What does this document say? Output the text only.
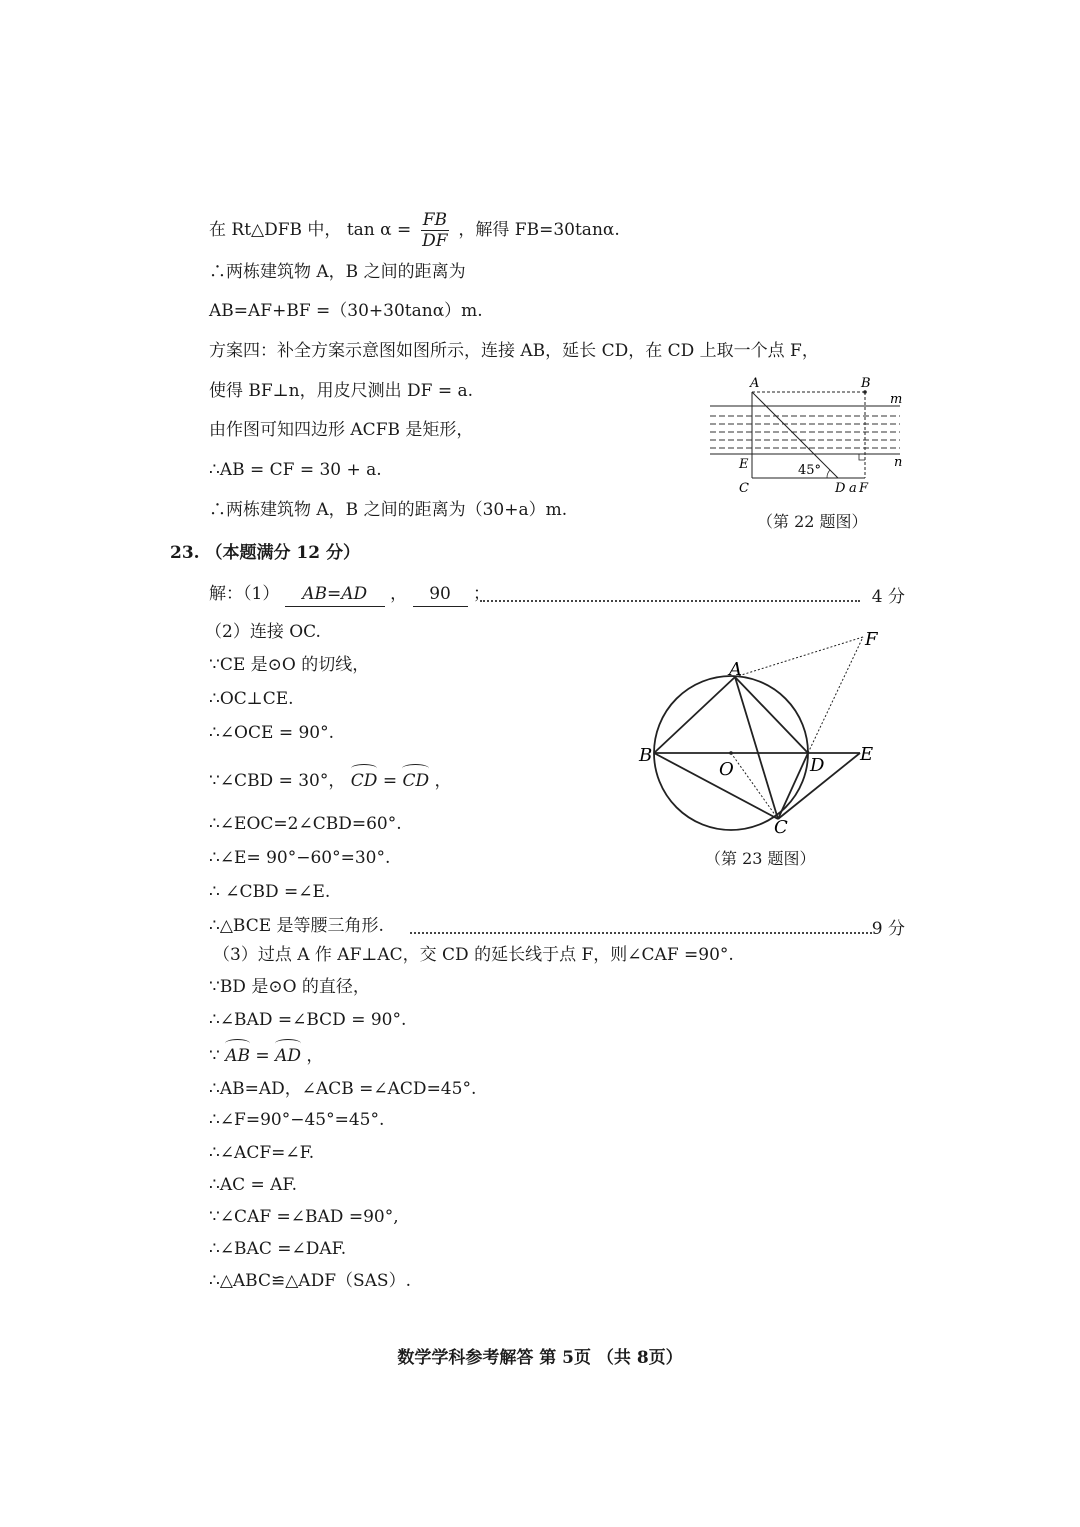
在 Rt△DFB 中， $\tan \alpha = \frac{FB}{DF}$ ，解得 FB=30tanα.
∴两栋建筑物 A，B 之间的距离为
AB=AF+BF =（30+30tanα）m.
方案四：补全方案示意图如图所示，连接 AB，延长 CD，在 CD 上取一个点 F，
使得 BF⊥n，用皮尺测出 DF = a.
由作图可知四边形 ACFB 是矩形，
∴AB = CF = 30 + a.
∴两栋建筑物 A，B 之间的距离为（30+a）m.
A	B
m
n
E
C
45°
D a F
（第 22 题图）
23. （本题满分 12 分）
解：（1） AB=AD ， 90 ；	4 分
（2）连接 OC.
∵CE 是⊙O 的切线，
∴OC⊥CE.
∴∠OCE = 90°.
∵∠CBD = 30°， CD = CD ，
∴∠EOC=2∠CBD=60°.
∴∠E= 90°−60°=30°.
∴ ∠CBD =∠E.
∴△BCE 是等腰三角形.	9 分
A
B
C
D
E
F
O
（第 23 题图）
（3）过点 A 作 AF⊥AC，交 CD 的延长线于点 F，则∠CAF =90°.
∵BD 是⊙O 的直径，
∴∠BAD =∠BCD = 90°.
∵ AB = AD ，
∴AB=AD，∠ACB =∠ACD=45°.
∴∠F=90°−45°=45°.
∴∠ACF=∠F.
∴AC = AF.
∵∠CAF =∠BAD =90°,
∴∠BAC =∠DAF.
∴△ABC≌△ADF（SAS）.
数学学科参考解答 第 5页 （共 8页）
